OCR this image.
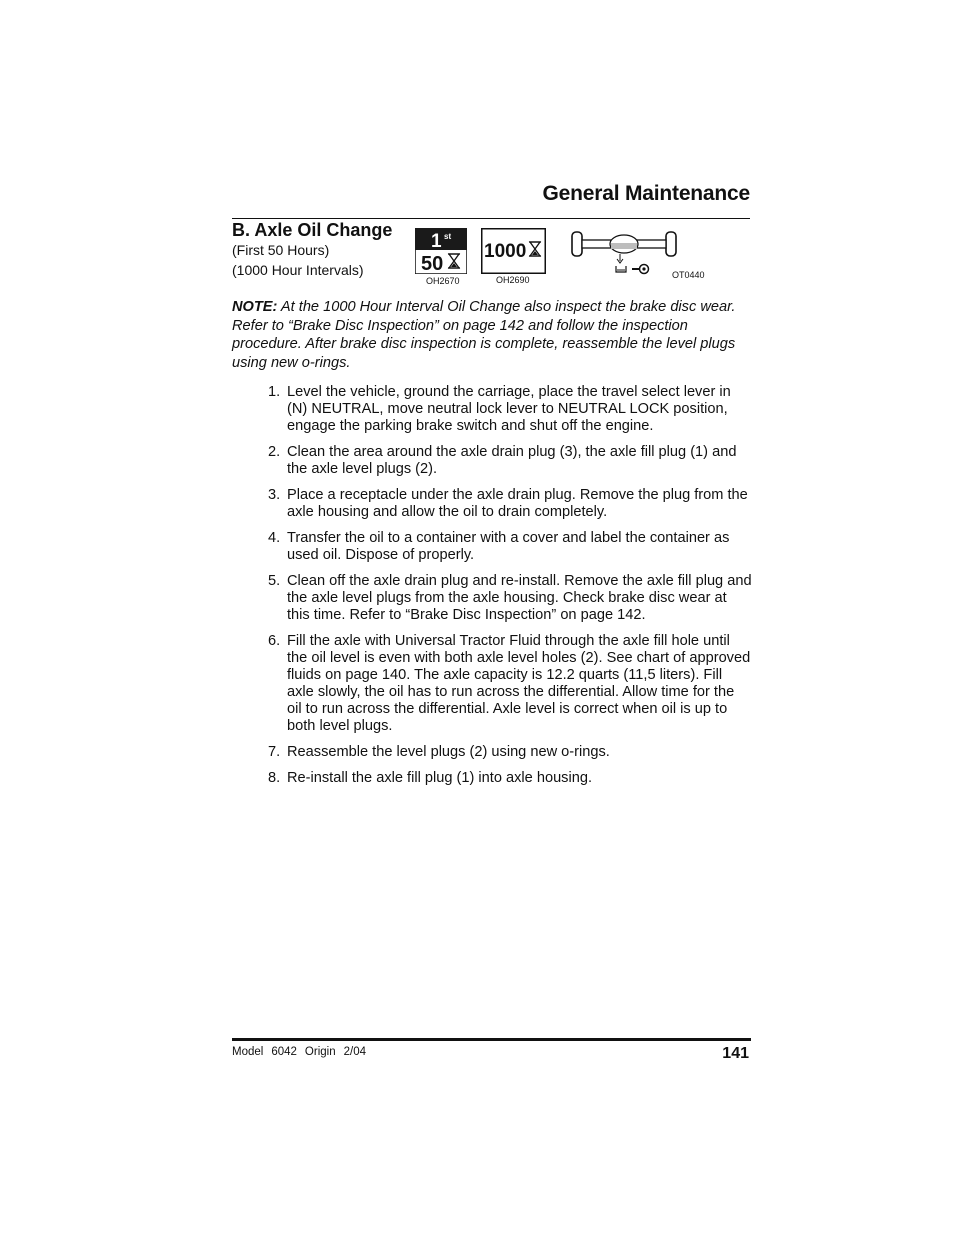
General Maintenance
B. Axle Oil Change
(First 50 Hours)
(1000 Hour Intervals)
1 st
50
OH2670
1000
OH2690	OT0440
NOTE: At the 1000 Hour Interval Oil Change also inspect the brake disc wear. Refer to “Brake Disc Inspection” on page 142 and follow the inspection procedure. After brake disc inspection is complete, reassemble the level plugs using new o-rings.
1. Level the vehicle, ground the carriage, place the travel select lever in (N) NEUTRAL, move neutral lock lever to NEUTRAL LOCK position, engage the parking brake switch and shut off the engine.
2. Clean the area around the axle drain plug (3), the axle fill plug (1) and the axle level plugs (2).
3. Place a receptacle under the axle drain plug. Remove the plug from the axle housing and allow the oil to drain completely.
4. Transfer the oil to a container with a cover and label the container as used oil. Dispose of properly.
5. Clean off the axle drain plug and re-install. Remove the axle fill plug and the axle level plugs from the axle housing. Check brake disc wear at this time. Refer to “Brake Disc Inspection” on page 142.
6. Fill the axle with Universal Tractor Fluid through the axle fill hole until the oil level is even with both axle level holes (2). See chart of approved fluids on page 140. The axle capacity is 12.2 quarts (11,5 liters). Fill axle slowly, the oil has to run across the differential. Allow time for the oil to run across the differential. Axle level is correct when oil is up to both level plugs.
7. Reassemble the level plugs (2) using new o-rings.
8. Re-install the axle fill plug (1) into axle housing.
Model 6042 Origin 2/04	141
